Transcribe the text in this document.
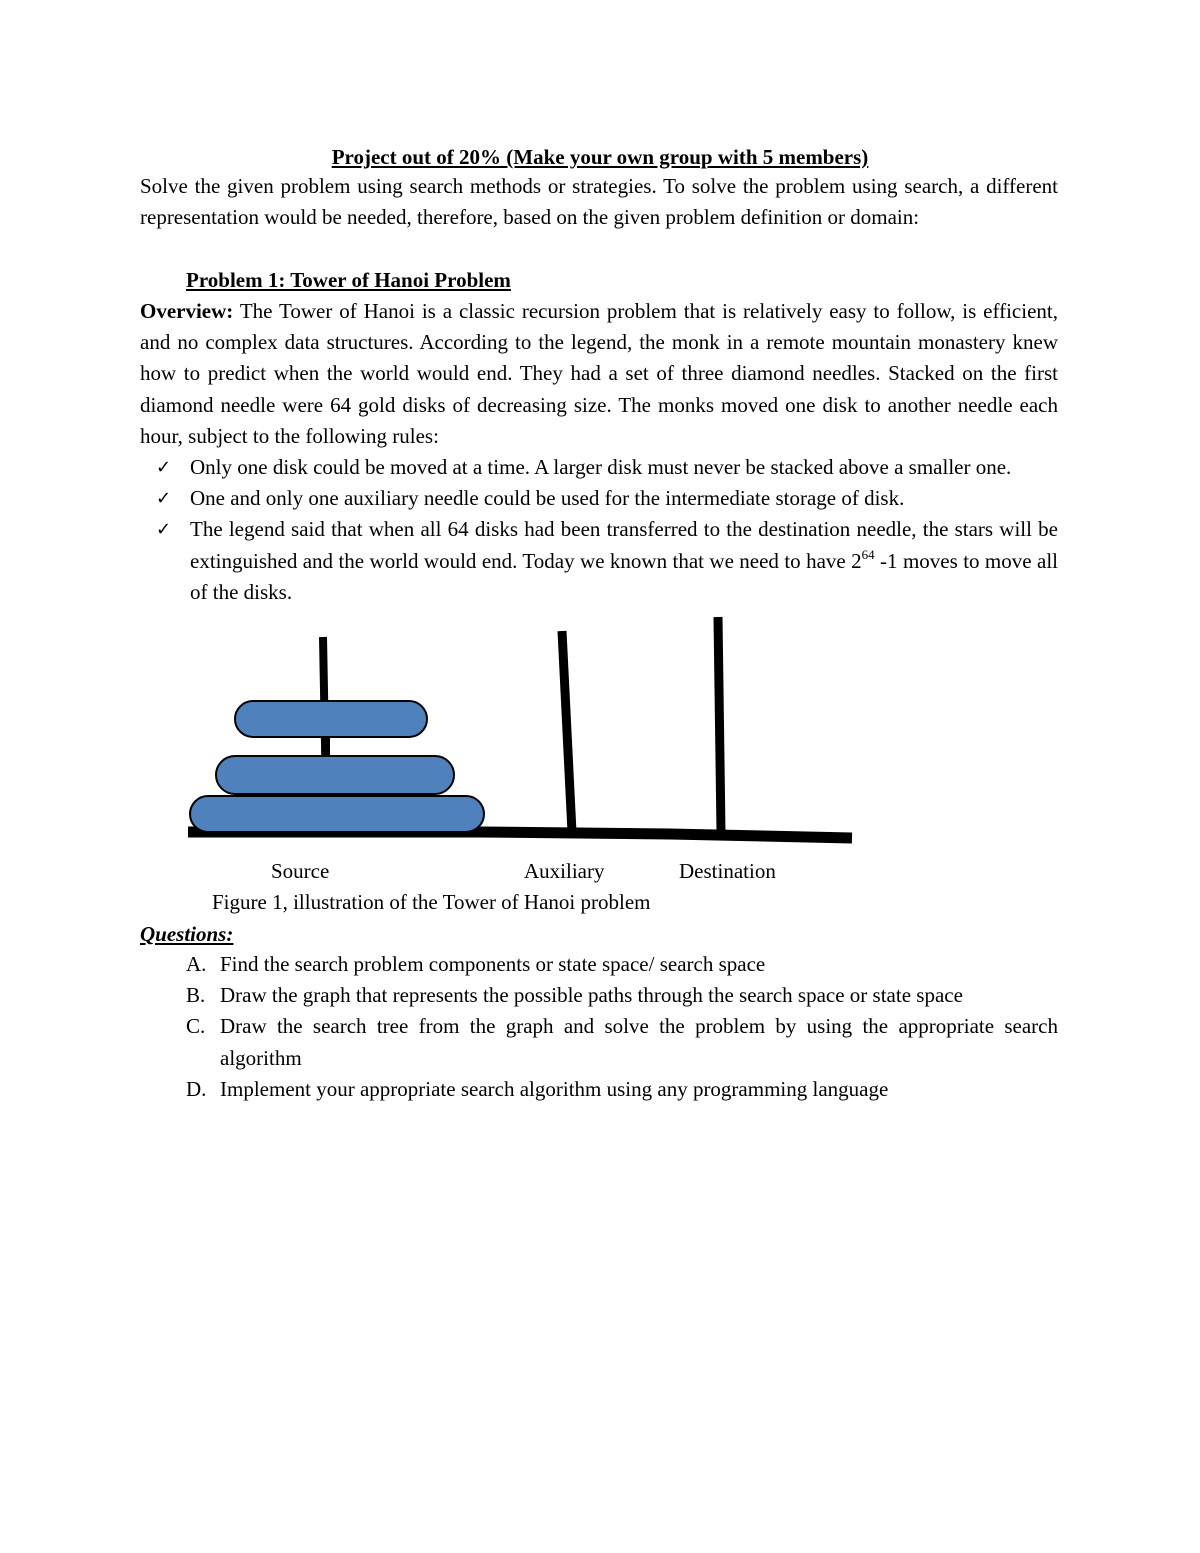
Project out of 20% (Make your own group with 5 members)
Solve the given problem using search methods or strategies. To solve the problem using search, a different representation would be needed, therefore, based on the given problem definition or domain:
Problem 1: Tower of Hanoi Problem
Overview: The Tower of Hanoi is a classic recursion problem that is relatively easy to follow, is efficient, and no complex data structures. According to the legend, the monk in a remote mountain monastery knew how to predict when the world would end. They had a set of three diamond needles. Stacked on the first diamond needle were 64 gold disks of decreasing size. The monks moved one disk to another needle each hour, subject to the following rules:
✓ Only one disk could be moved at a time. A larger disk must never be stacked above a smaller one.
✓ One and only one auxiliary needle could be used for the intermediate storage of disk.
✓ The legend said that when all 64 disks had been transferred to the destination needle, the stars will be extinguished and the world would end. Today we known that we need to have $2^{64}$ -1 moves to move all of the disks.
Source	Auxiliary	Destination
Figure 1, illustration of the Tower of Hanoi problem
Questions:
A. Find the search problem components or state space/ search space
B. Draw the graph that represents the possible paths through the search space or state space
C. Draw the search tree from the graph and solve the problem by using the appropriate search algorithm
D. Implement your appropriate search algorithm using any programming language
